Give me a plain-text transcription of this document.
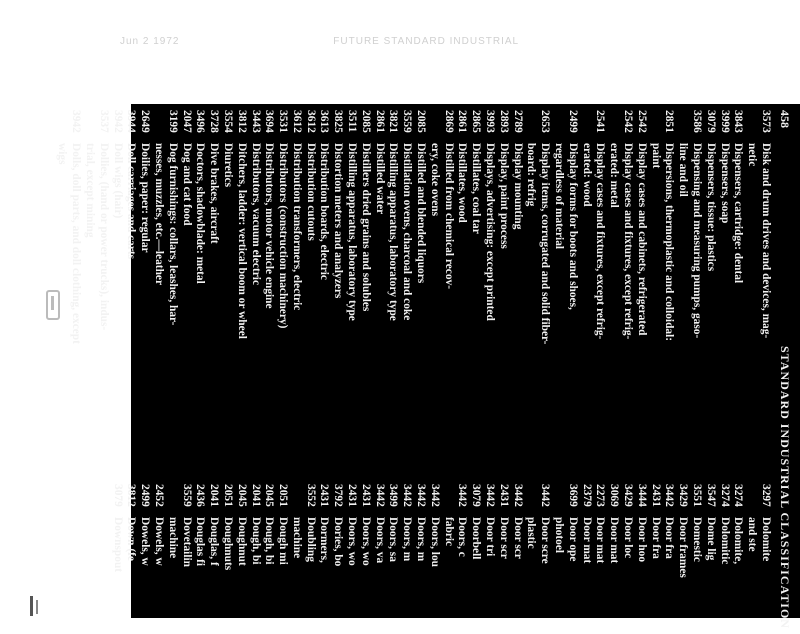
Jun 2 1972	FUTURE STANDARD INDUSTRIAL
458
STANDARD INDUSTRIAL CLASSIFICATION
3573
Disk and drum drives and devices, mag-
netic
3843
Dispensers, cartridge: dental
3999
Dispensers, soap
3079
Dispensers, tissue: plastics
3586
Dispensing and measuring pumps, gaso-
line and oil
2851
Dispersions, thermoplastic and colloidal:
paint
2542
Display cases and cabinets, refrigerated
2542
Display cases and fixtures, except refrig-
erated: metal
2541
Display cases and fixtures, except refrig-
erated: wood
2499
Display forms for boots and shoes,
regardless of material
2653
Display items, corrugated and solid fiber-
board: refrig
2789
Display mounting
2893
Display, paint process
3993
Displays, advertising: except printed
2865
Distillates, coal tar
2861
Distillates, wood
2869
Distilled from chemical recov-
ery, coke ovens
2085
Distilled and blended liquors
3559
Distillation ovens, charcoal and coke
3821
Distilling apparatus, laboratory type
2861
Distilled water
2085
Distillers dried grains and solubles
3511
Distilling apparatus, laboratory type
3825
Distortion meters and analyzers
3613
Distribution boards, electric
3612
Distribution cutouts
3612
Distribution transformers, electric
3531
Distributors (construction machinery)
3694
Distributors, motor vehicle engine
3443
Distributors, vacuum electric
3812
Ditchers, ladder: vertical boom or wheel
3554
Diuretics
3728
Dive brakes, aircraft
3496
Doctors, shadowblade: metal
2047
Dog and cat food
3199
Dog furnishings: collars, leashes, har-
nesses, muzzles, etc.—leather
2649
Doilies, paper: regular
3944
Doll carriages and carts
3942
Doll wigs (hair)
3537
Dollies, (hand or power trucks), indus-
trial, except mining
3942
Dolls, doll parts, and doll clothing, except
wigs
3297
Dolomite
and ste
3274
Dolomite,
3274
Dolomitic
3547
Dome lig
3551
Domestic
3429
Door frames
3442
Door fra
2431
Door fra
3444
Door hoo
3429
Door loc
3069
Door mat
2273
Door mat
2379
Door mat
3699
Door ope
photoel
3442
Door scre
plastic
3442
Door scr
2431
Door scr
3442
Door tri
3079
Doorbell
3442
Doors, c
fabric
3442
Doors, lou
3442
Doors, m
3442
Doors, m
3499
Doors, sa
3442
Doors, va
2431
Doors, wo
2431
Doors, wo
3792
Dories, bo
2431
Dormers,
3552
Doubling
machine
2051
Dough mi
2045
Dough, bi
2041
Dough, bi
2045
Doughnut
2051
Doughnuts
2041
Douglas, f
2436
Douglas fi
3559
Dovetailin
machine
2452
Dowels, w
2499
Dowels, w
3812
Down (fe
3079
Downspout
